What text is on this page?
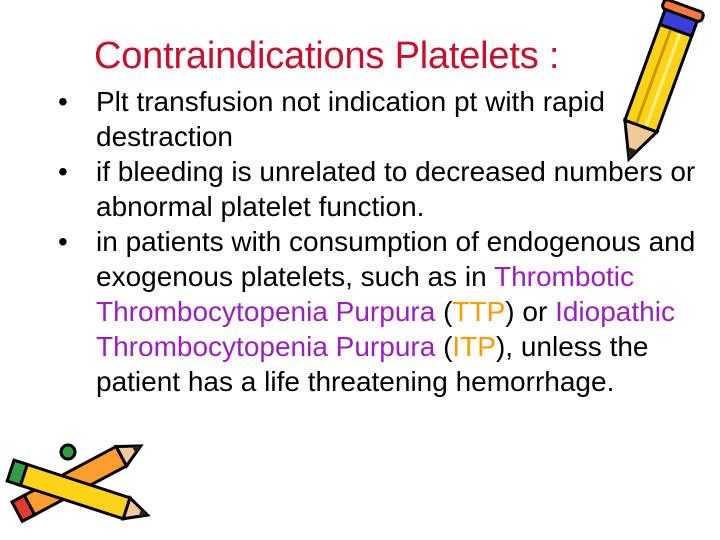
Contraindications Platelets :
• Plt transfusion not indication pt with rapid destraction
• if bleeding is unrelated to decreased numbers or abnormal platelet function.
• in patients with consumption of endogenous and exogenous platelets, such as in Thrombotic Thrombocytopenia Purpura (TTP) or Idiopathic Thrombocytopenia Purpura (ITP), unless the patient has a life threatening hemorrhage.
